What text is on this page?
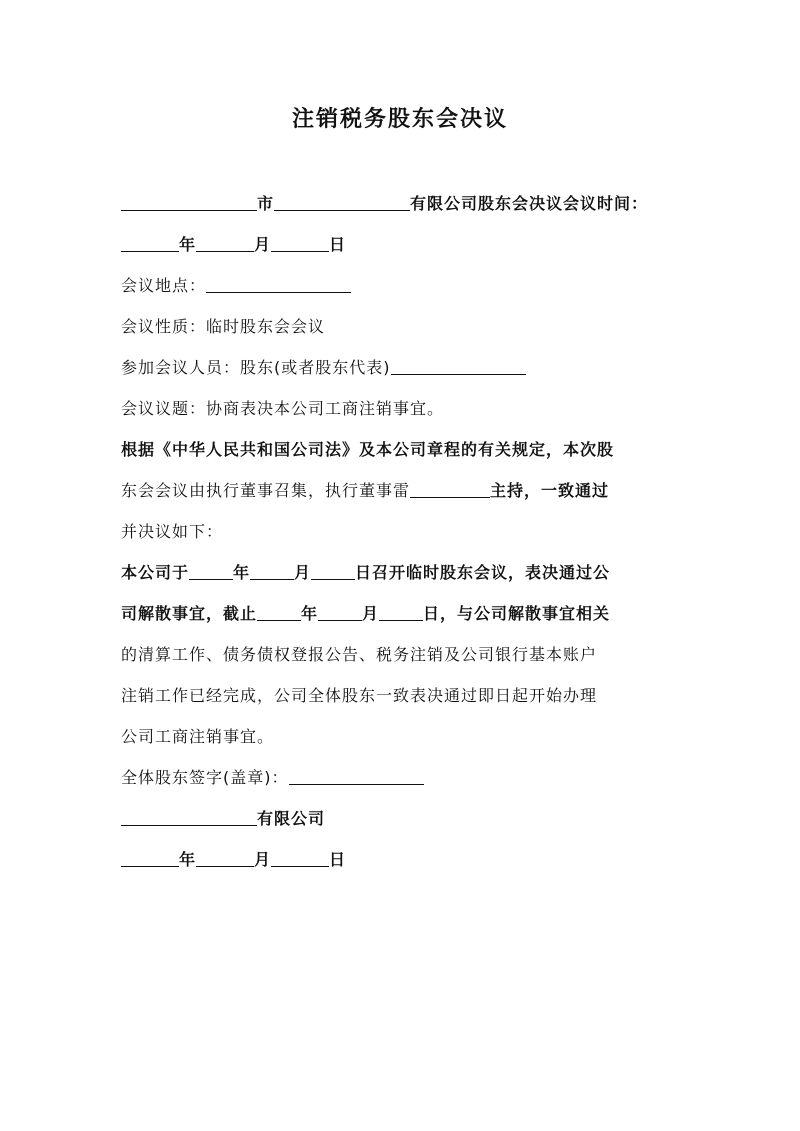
注销税务股东会决议
市	有限公司股东会决议会议时间：
年	月	日
会议地点：
会议性质：临时股东会会议
参加会议人员：股东(或者股东代表)
会议议题：协商表决本公司工商注销事宜。
根据《中华人民共和国公司法》及本公司章程的有关规定，本次股
东会会议由执行董事召集，执行董事雷	主持，一致通过
并决议如下：
本公司于	年	月	日召开临时股东会议，表决通过公
司解散事宜，截止	年	月	日，与公司解散事宜相关
的清算工作、债务债权登报公告、税务注销及公司银行基本账户
注销工作已经完成，公司全体股东一致表决通过即日起开始办理
公司工商注销事宜。
全体股东签字(盖章)：
有限公司
年	月	日
